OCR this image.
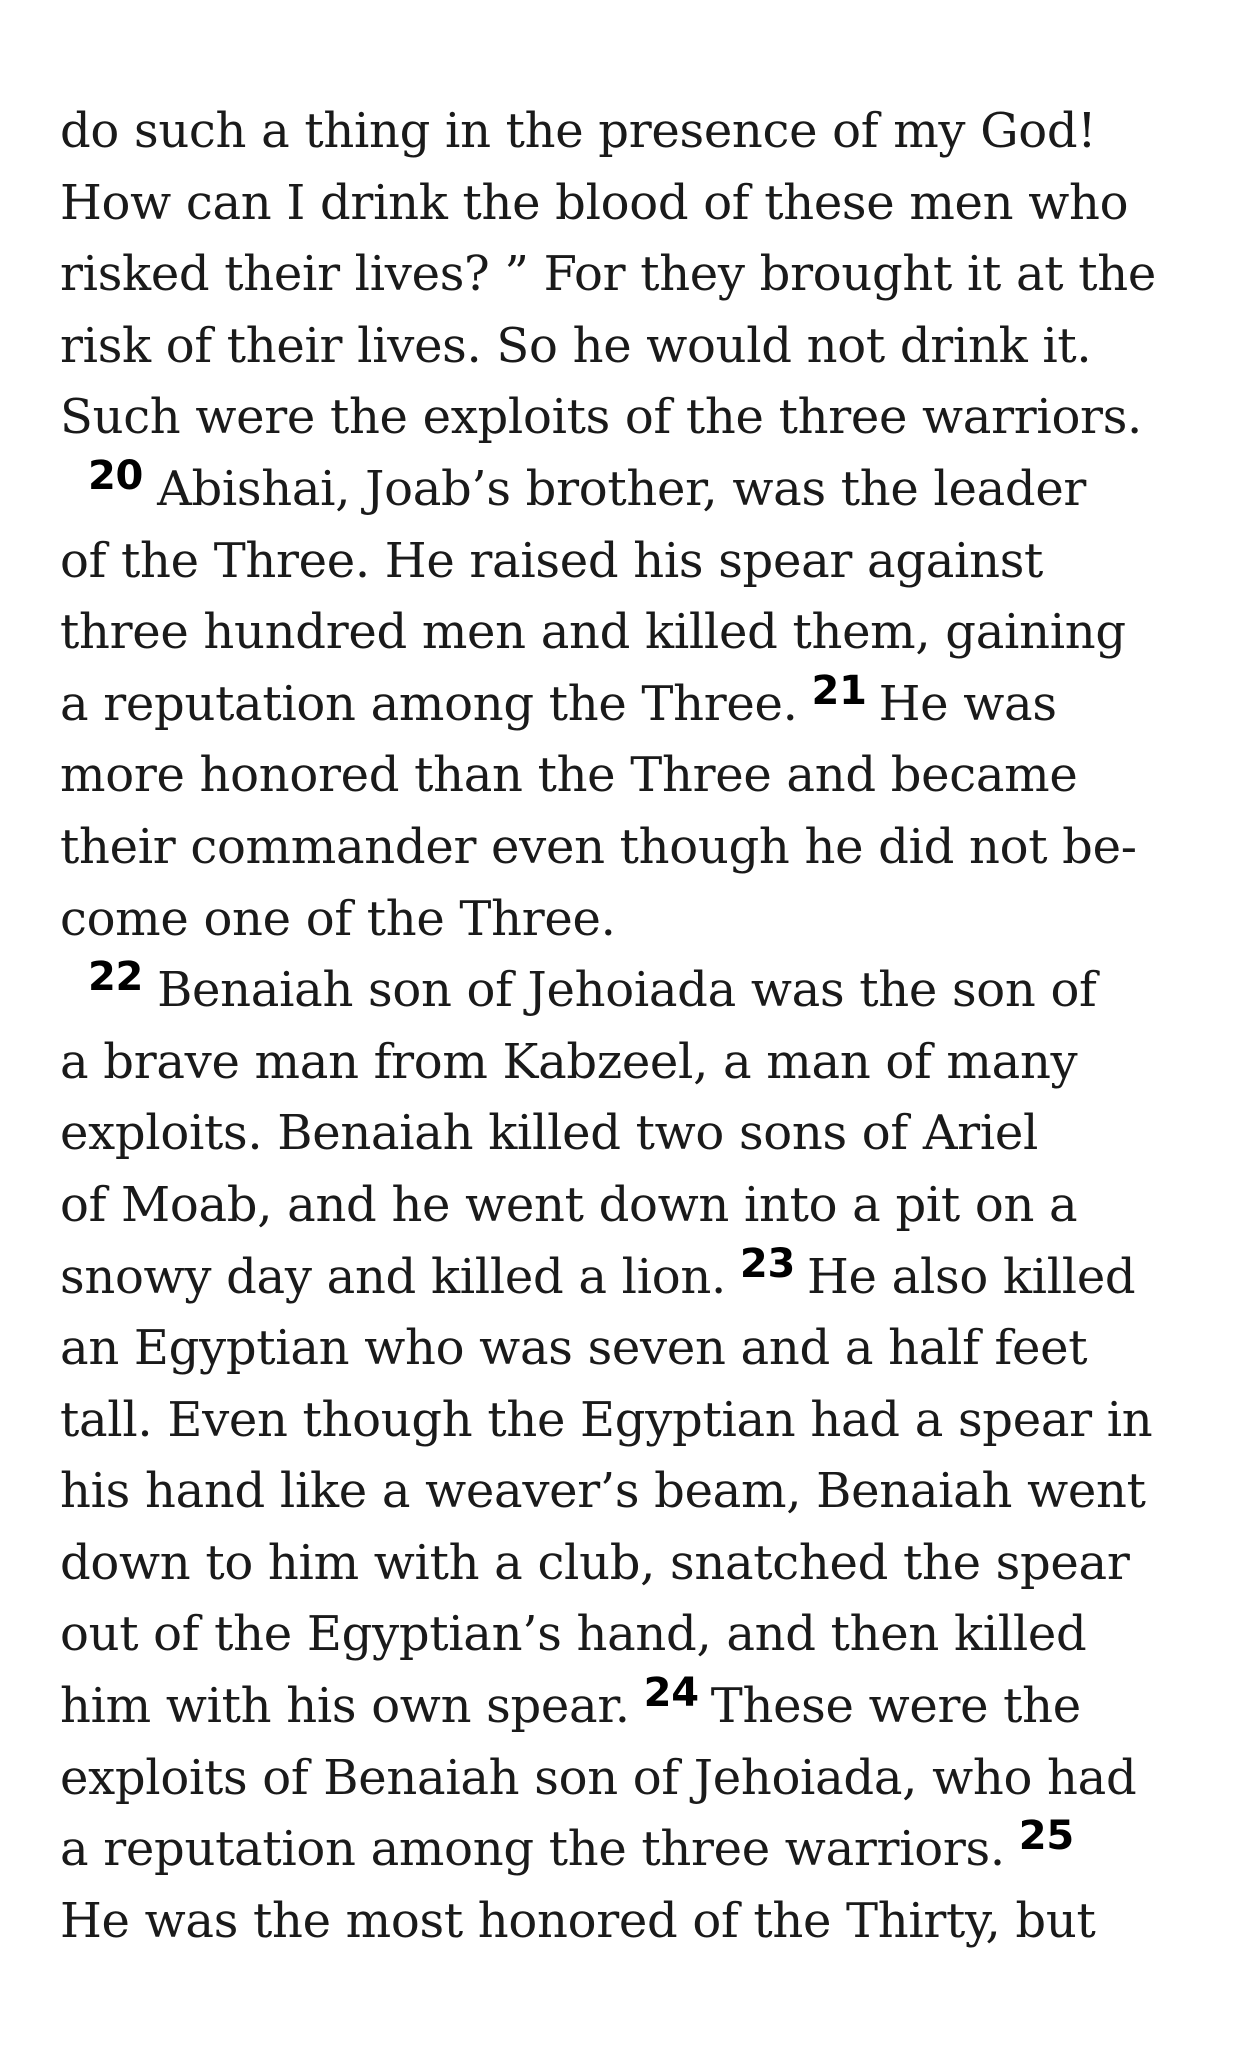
do such a thing in the presence of my God!
How can I drink the blood of these men who
risked their lives? ” For they brought it at the
risk of their lives. So he would not drink it.
Such were the exploits of the three warriors.
$^{20}$ Abishai, Joab’s brother, was the leader
of the Three. He raised his spear against
three hundred men and killed them, gaining
a reputation among the Three. $^{21}$ He was
more honored than the Three and became
their commander even though he did not be-
come one of the Three.
$^{22}$ Benaiah son of Jehoiada was the son of
a brave man from Kabzeel, a man of many
exploits. Benaiah killed two sons of Ariel
of Moab, and he went down into a pit on a
snowy day and killed a lion. $^{23}$ He also killed
an Egyptian who was seven and a half feet
tall. Even though the Egyptian had a spear in
his hand like a weaver’s beam, Benaiah went
down to him with a club, snatched the spear
out of the Egyptian’s hand, and then killed
him with his own spear. $^{24}$ These were the
exploits of Benaiah son of Jehoiada, who had
a reputation among the three warriors. $^{25}$
He was the most honored of the Thirty, but
